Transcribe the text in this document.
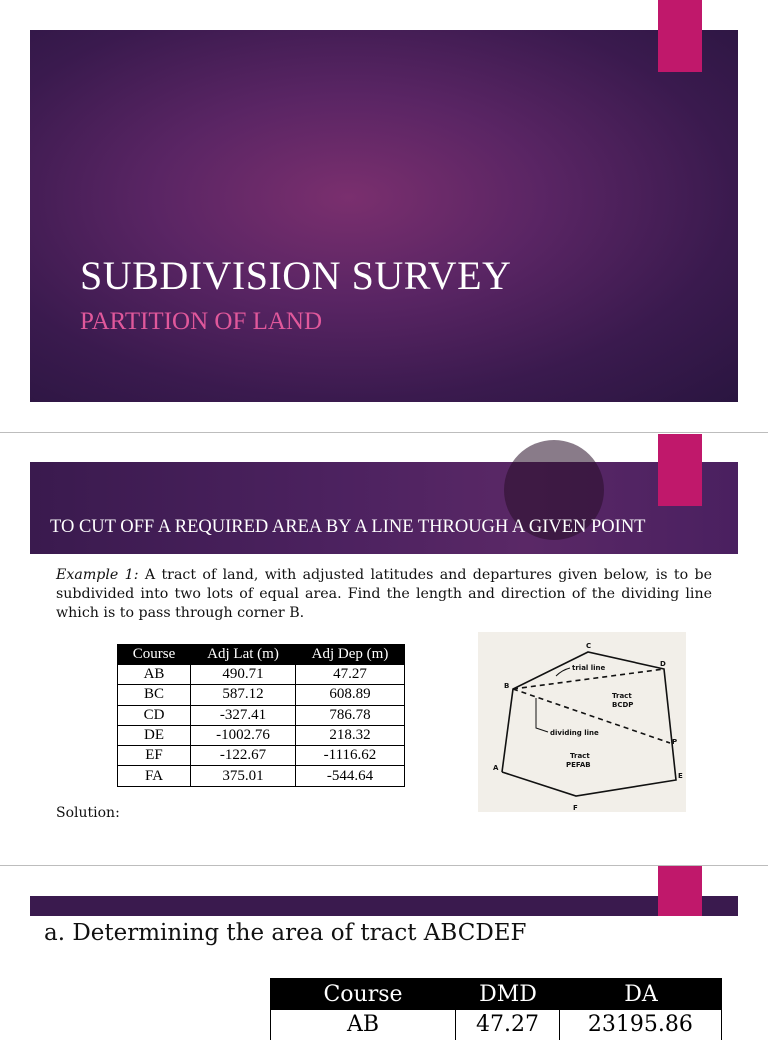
SUBDIVISION SURVEY
PARTITION OF LAND
TO CUT OFF A REQUIRED AREA BY A LINE THROUGH A GIVEN POINT
Example 1: A tract of land, with adjusted latitudes and departures given below, is to be subdivided into two lots of equal area. Find the length and direction of the dividing line which is to pass through corner B.
Course	Adj Lat (m)	Adj Dep (m)
AB	490.71	47.27
BC	587.12	608.89
CD	-327.41	786.78
DE	-1002.76	218.32
EF	-122.67	-1116.62
FA	375.01	-544.64
C
D
B
A
E
F
P
trial line
dividing line
Tract
BCDP
Tract
PEFAB
Solution:
a. Determining the area of tract ABCDEF
Course	DMD	DA
AB	47.27	23195.86
